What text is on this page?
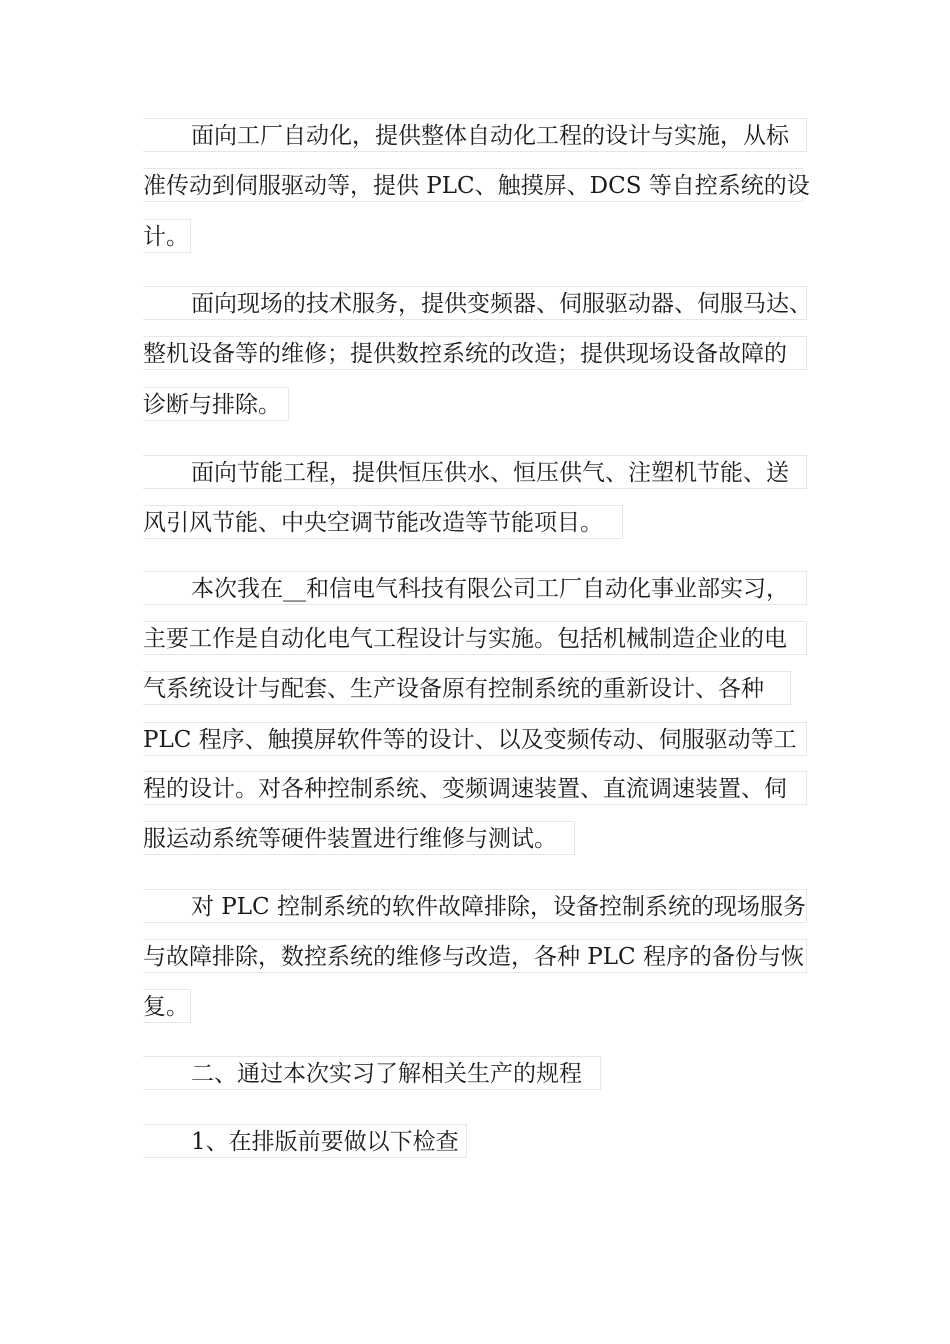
面向工厂自动化，提供整体自动化工程的设计与实施，从标
准传动到伺服驱动等，提供 PLC、触摸屏、DCS 等自控系统的设
计。
面向现场的技术服务，提供变频器、伺服驱动器、伺服马达、
整机设备等的维修；提供数控系统的改造；提供现场设备故障的
诊断与排除。
面向节能工程，提供恒压供水、恒压供气、注塑机节能、送
风引风节能、中央空调节能改造等节能项目。
本次我在__和信电气科技有限公司工厂自动化事业部实习，
主要工作是自动化电气工程设计与实施。包括机械制造企业的电
气系统设计与配套、生产设备原有控制系统的重新设计、各种
PLC 程序、触摸屏软件等的设计、以及变频传动、伺服驱动等工
程的设计。对各种控制系统、变频调速装置、直流调速装置、伺
服运动系统等硬件装置进行维修与测试。
对 PLC 控制系统的软件故障排除，设备控制系统的现场服务
与故障排除，数控系统的维修与改造，各种 PLC 程序的备份与恢
复。
二、通过本次实习了解相关生产的规程
1、在排版前要做以下检查
